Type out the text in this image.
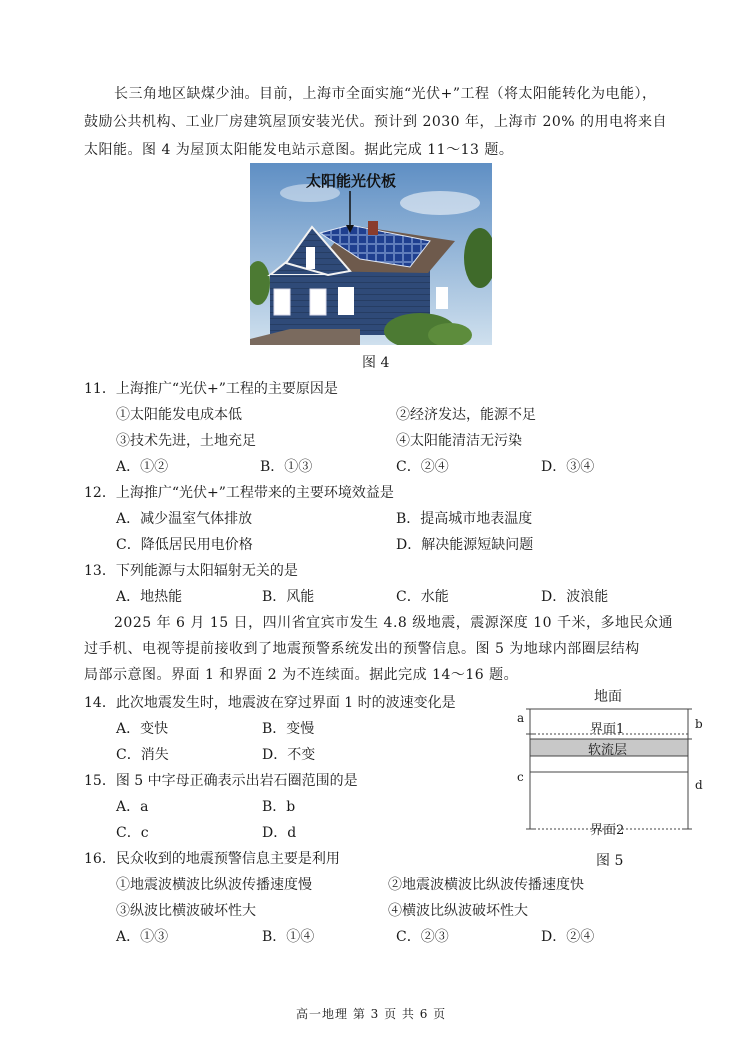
长三角地区缺煤少油。目前，上海市全面实施“光伏+”工程（将太阳能转化为电能），
鼓励公共机构、工业厂房建筑屋顶安装光伏。预计到 2030 年，上海市 20% 的用电将来自
太阳能。图 4 为屋顶太阳能发电站示意图。据此完成 11～13 题。
太阳能光伏板
图 4
11．上海推广“光伏+”工程的主要原因是
①太阳能发电成本低	②经济发达，能源不足
③技术先进，土地充足	④太阳能清洁无污染
A．①②	B．①③	C．②④	D．③④
12．上海推广“光伏+”工程带来的主要环境效益是
A．减少温室气体排放	B．提高城市地表温度
C．降低居民用电价格	D．解决能源短缺问题
13．下列能源与太阳辐射无关的是
A．地热能	B．风能	C．水能	D．波浪能
2025 年 6 月 15 日，四川省宜宾市发生 4.8 级地震，震源深度 10 千米，多地民众通
过手机、电视等提前接收到了地震预警系统发出的预警信息。图 5 为地球内部圈层结构
局部示意图。界面 1 和界面 2 为不连续面。据此完成 14～16 题。
14．此次地震发生时，地震波在穿过界面 1 时的波速变化是
A．变快	B．变慢
C．消失	D．不变
15．图 5 中字母正确表示出岩石圈范围的是
A．a	B．b
C．c	D．d
16．民众收到的地震预警信息主要是利用
①地震波横波比纵波传播速度慢	②地震波横波比纵波传播速度快
③纵波比横波破坏性大	④横波比纵波破坏性大
A．①③	B．①④	C．②③	D．②④
地面
界面1
软流层
界面2
a	b
c
d
图 5
高一地理 第 3 页 共 6 页
